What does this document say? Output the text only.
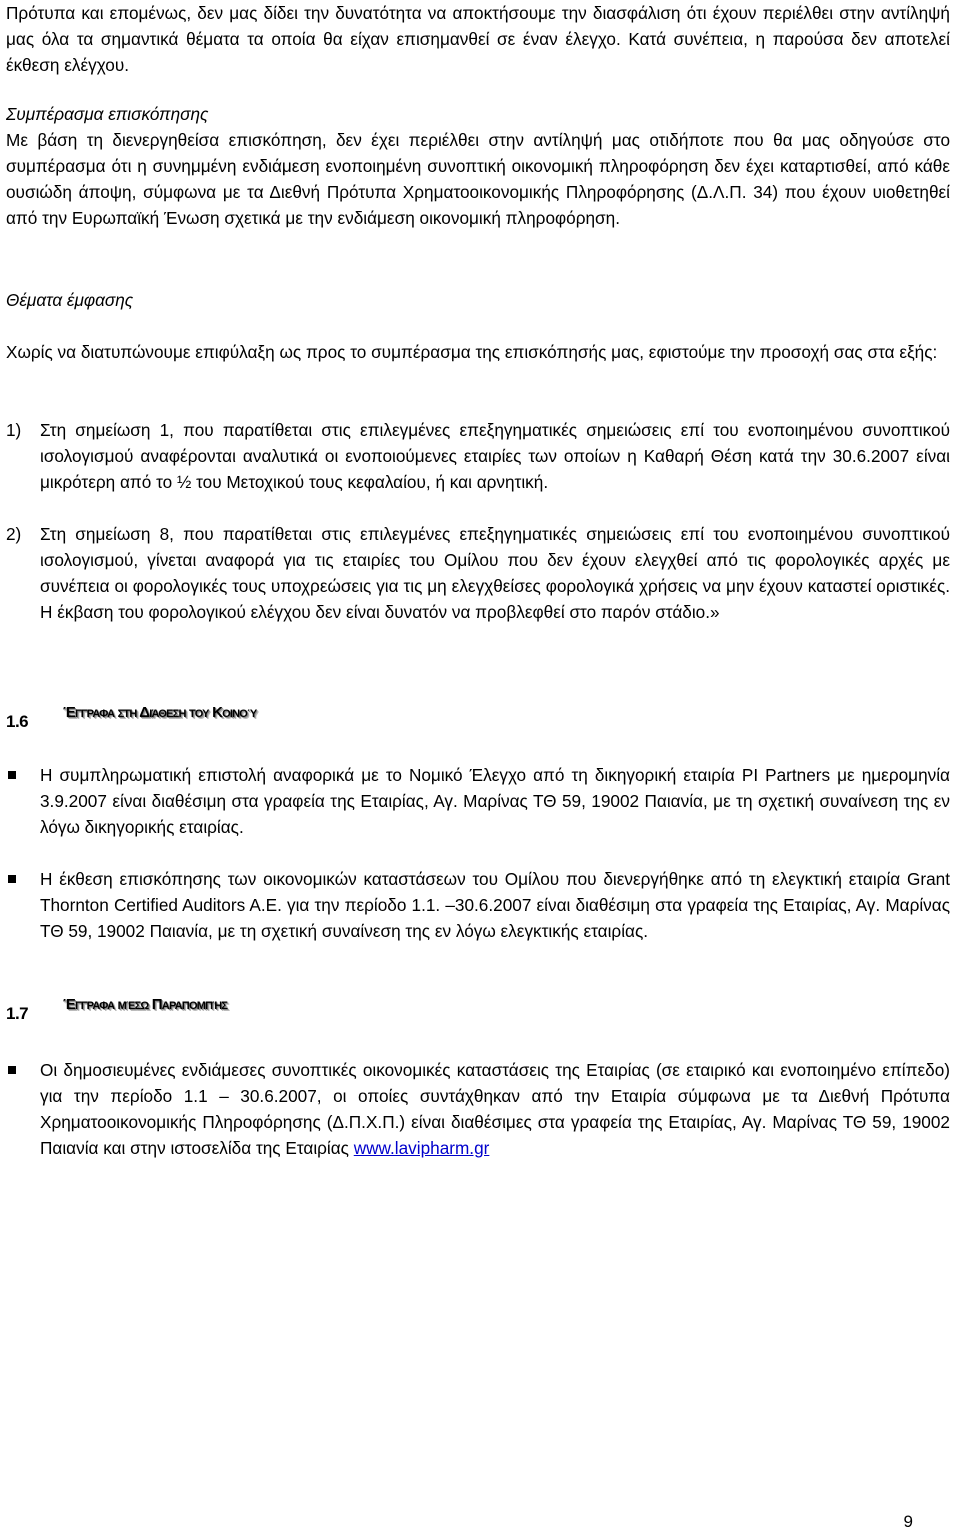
Πρότυπα και επομένως, δεν μας δίδει την δυνατότητα να αποκτήσουμε την διασφάλιση ότι έχουν περιέλθει στην αντίληψή μας όλα τα σημαντικά θέματα τα οποία θα είχαν επισημανθεί σε έναν έλεγχο. Κατά συνέπεια, η παρούσα δεν αποτελεί έκθεση ελέγχου.

Συμπέρασμα επισκόπησης

Με βάση τη διενεργηθείσα επισκόπηση, δεν έχει περιέλθει στην αντίληψή μας οτιδήποτε που θα μας οδηγούσε στο συμπέρασμα ότι η συνημμένη ενδιάμεση ενοποιημένη συνοπτική οικονομική πληροφόρηση δεν έχει καταρτισθεί, από κάθε ουσιώδη άποψη, σύμφωνα με τα Διεθνή Πρότυπα Χρηματοοικονομικής Πληροφόρησης (Δ.Λ.Π. 34) που έχουν υιοθετηθεί από την Ευρωπαϊκή Ένωση σχετικά με την ενδιάμεση οικονομική πληροφόρηση.

Θέματα έμφασης

Χωρίς να διατυπώνουμε επιφύλαξη ως προς το συμπέρασμα της επισκόπησής μας, εφιστούμε την προσοχή σας στα εξής:

1) Στη σημείωση 1, που παρατίθεται στις επιλεγμένες επεξηγηματικές σημειώσεις επί του ενοποιημένου συνοπτικού ισολογισμού αναφέρονται αναλυτικά οι ενοποιούμενες εταιρίες των οποίων η Καθαρή Θέση κατά την 30.6.2007 είναι μικρότερη από το ½ του Μετοχικού τους κεφαλαίου, ή και αρνητική.

2) Στη σημείωση 8, που παρατίθεται στις επιλεγμένες επεξηγηματικές σημειώσεις επί του ενοποιημένου συνοπτικού ισολογισμού, γίνεται αναφορά για τις εταιρίες του Ομίλου που δεν έχουν ελεγχθεί από τις φορολογικές αρχές με συνέπεια οι φορολογικές τους υποχρεώσεις για τις μη ελεγχθείσες φορολογικά χρήσεις να μην έχουν καταστεί οριστικές. Η έκβαση του φορολογικού ελέγχου δεν είναι δυνατόν να προβλεφθεί στο παρόν στάδιο.»

1.6 Έγγραφα στη Διάθεση του Κοινού

Η συμπληρωματική επιστολή αναφορικά με το Νομικό Έλεγχο από τη δικηγορική εταιρία PI Partners με ημερομηνία 3.9.2007 είναι διαθέσιμη στα γραφεία της Εταιρίας, Αγ. Μαρίνας ΤΘ 59, 19002 Παιανία, με τη σχετική συναίνεση της εν λόγω δικηγορικής εταιρίας.

Η έκθεση επισκόπησης των οικονομικών καταστάσεων του Ομίλου που διενεργήθηκε από τη ελεγκτική εταιρία Grant Thornton Certified Auditors A.E. για την περίοδο 1.1. –30.6.2007 είναι διαθέσιμη στα γραφεία της Εταιρίας, Αγ. Μαρίνας ΤΘ 59, 19002 Παιανία, με τη σχετική συναίνεση της εν λόγω ελεγκτικής εταιρίας.

1.7 Έγγραφα μέσω Παραπομπής

Οι δημοσιευμένες ενδιάμεσες συνοπτικές οικονομικές καταστάσεις της Εταιρίας (σε εταιρικό και ενοποιημένο επίπεδο) για την περίοδο 1.1 – 30.6.2007, οι οποίες συντάχθηκαν από την Εταιρία σύμφωνα με τα Διεθνή Πρότυπα Χρηματοοικονομικής Πληροφόρησης (Δ.Π.Χ.Π.) είναι διαθέσιμες στα γραφεία της Εταιρίας, Αγ. Μαρίνας ΤΘ 59, 19002 Παιανία και στην ιστοσελίδα της Εταιρίας www.lavipharm.gr

9
